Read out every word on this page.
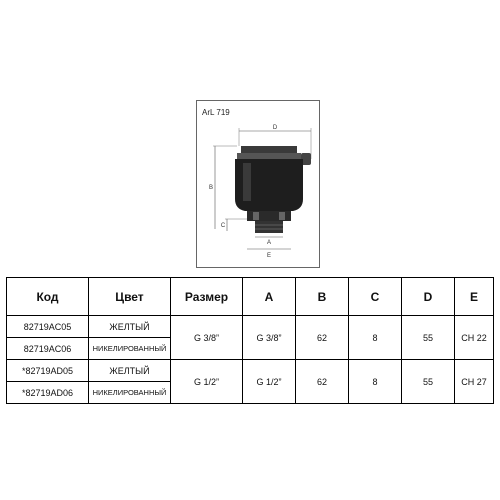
ArL 719
D
B
C
A
E
Код	Цвет	Размер	A	B	C	D	E
82719AC05	ЖЕЛТЫЙ	G 3/8”	G 3/8”	62	8	55	CH 22
82719AC06	НИКЕЛИРОВАННЫЙ						
*82719AD05	ЖЕЛТЫЙ	G 1/2”	G 1/2”	62	8	55	CH 27
*82719AD06	НИКЕЛИРОВАННЫЙ						
